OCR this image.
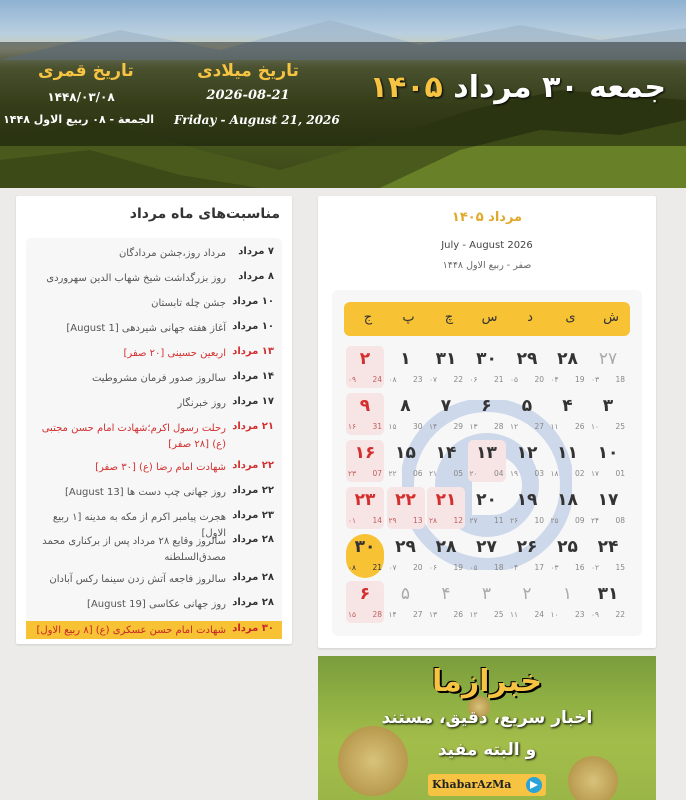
جمعه ۳۰ مرداد ۱۴۰۵
تاریخ میلادی
2026-08-21
Friday - August 21, 2026
تاریخ قمری
۱۴۴۸/۰۳/۰۸
الجمعة - ۰۸ ربيع الاول ۱۴۴۸
مناسبت‌های ماه مرداد
۷ مرداد
مرداد روز،جشن مردادگان
۸ مرداد
روز بزرگداشت شیخ شهاب الدین سهروردی
۱۰ مرداد
جشن چله تابستان
۱۰ مرداد
آغاز هفته جهانی شیردهی [1 August]
۱۳ مرداد
اربعین حسینی [۲۰ صفر]
۱۴ مرداد
سالروز صدور فرمان مشروطیت
۱۷ مرداد
روز خبرنگار
۲۱ مرداد
رحلت رسول اکرم؛شهادت امام حسن مجتبی (ع) [۲۸ صفر]
۲۲ مرداد
شهادت امام رضا (ع) [۳۰ صفر]
۲۲ مرداد
روز جهانی چپ دست ها [13 August]
۲۳ مرداد
هجرت پیامبر اکرم از مکه به مدینه [۱ ربیع الاول]
۲۸ مرداد
سالروز وقایع ۲۸ مرداد پس از برکناری محمد مصدق‌السلطنه
۲۸ مرداد
سالروز فاجعه آتش زدن سینما رکس آبادان
۲۸ مرداد
روز جهانی عکاسی [19 August]
۳۰ مرداد
شهادت امام حسن عسکری (ع) [۸ ربیع الاول]
مرداد ۱۴۰۵
July - August 2026
صفر - ربیع الاول ۱۴۴۸
ش
ی
د
س
چ
پ
ج
۲۷
18
۰۳
۲۸
19
۰۴
۲۹
20
۰۵
۳۰
21
۰۶
۳۱
22
۰۷
۱
23
۰۸
۲
24
۰۹
۳
25
۱۰
۴
26
۱۱
۵
27
۱۲
۶
28
۱۳
۷
29
۱۴
۸
30
۱۵
۹
31
۱۶
۱۰
01
۱۷
۱۱
02
۱۸
۱۲
03
۱۹
۱۳
04
۲۰
۱۴
05
۲۱
۱۵
06
۲۲
۱۶
07
۲۳
۱۷
08
۲۴
۱۸
09
۲۵
۱۹
10
۲۶
۲۰
11
۲۷
۲۱
12
۲۸
۲۲
13
۲۹
۲۳
14
۰۱
۲۴
15
۰۲
۲۵
16
۰۳
۲۶
17
۰۴
۲۷
18
۰۵
۲۸
19
۰۶
۲۹
20
۰۷
۳۰
21
۰۸
۳۱
22
۰۹
۱
23
۱۰
۲
24
۱۱
۳
25
۱۲
۴
26
۱۳
۵
27
۱۴
۶
28
۱۵
خبرازما
اخبار سریع، دقیق، مستند
و البته مفید
KhabarAzMa
